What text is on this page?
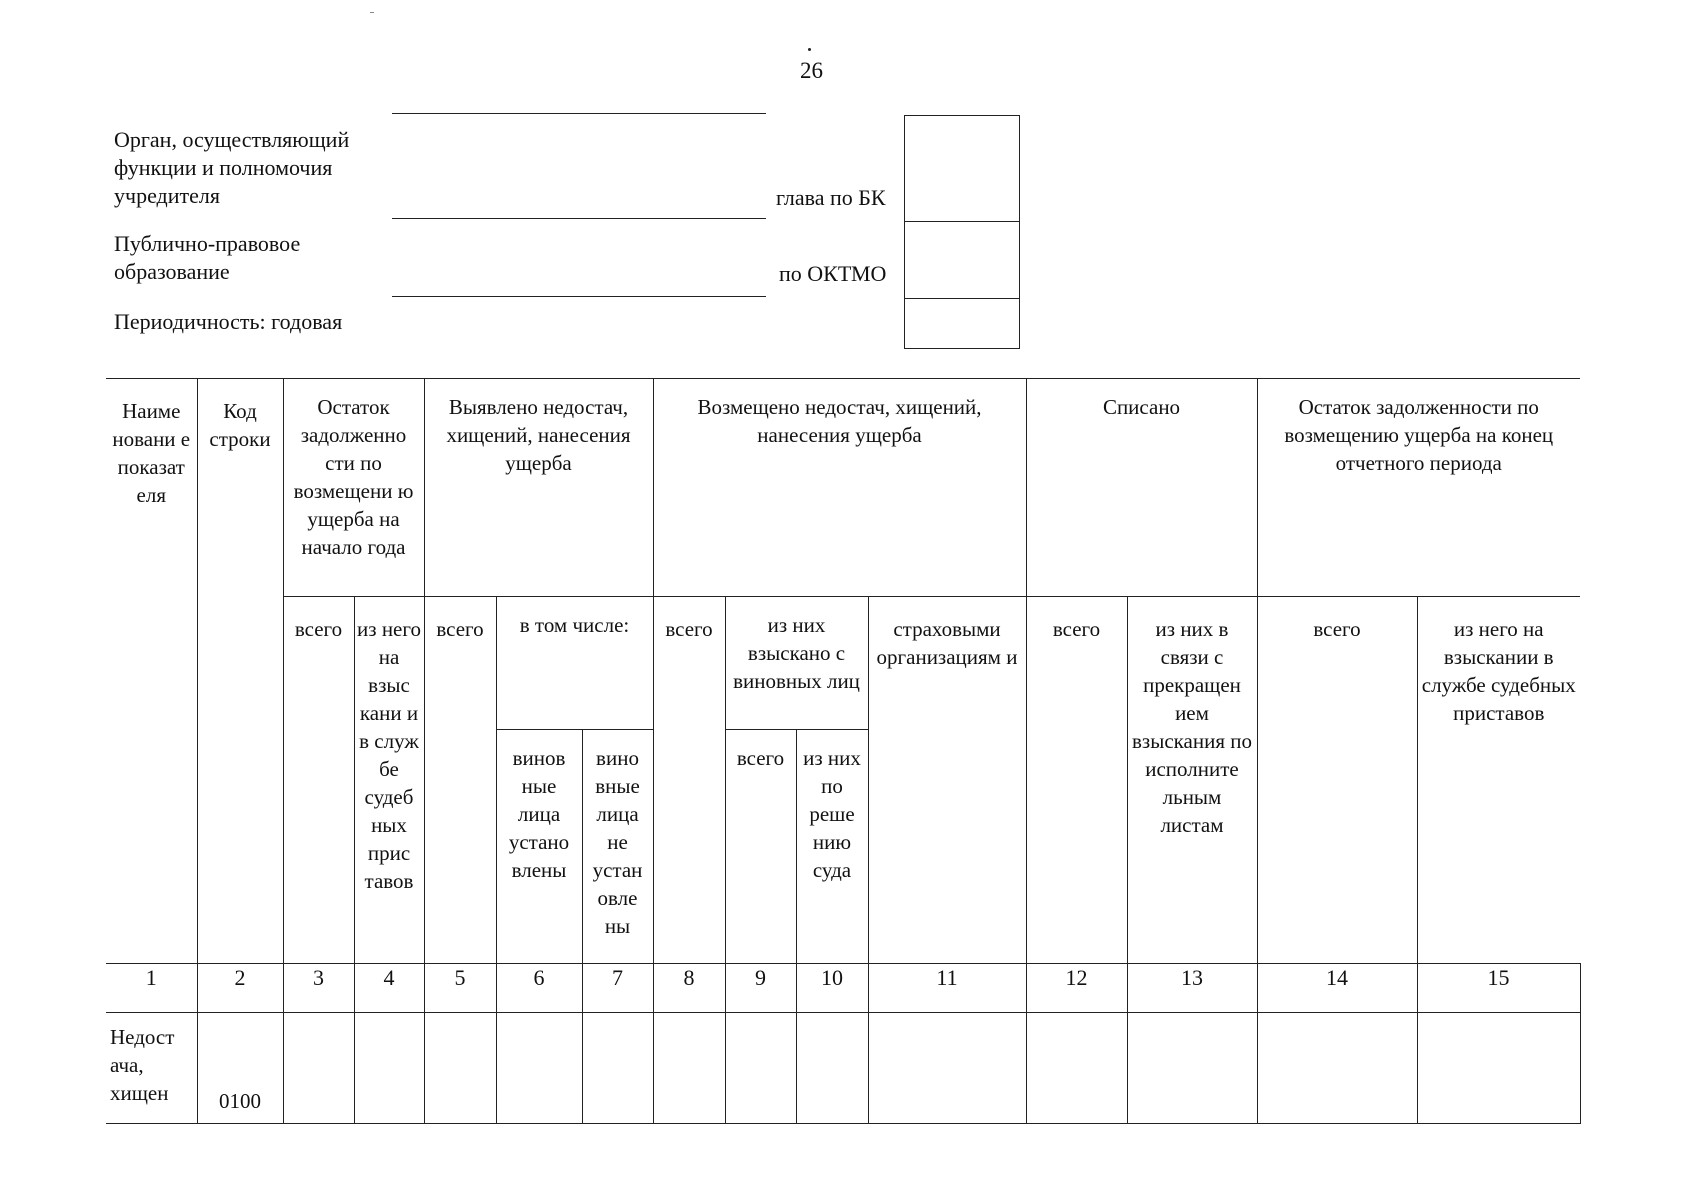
26
Орган, осуществляющий функции и полномочия учредителя
Публично-правовое образование
Периодичность: годовая
глава по БК
по ОКТМО
Наиме новани е показат еля	Код строки	Остаток задолженно сти по возмещени ю ущерба на начало года		Выявлено недостач, хищений, нанесения ущерба			Возмещено недостач, хищений, нанесения ущерба				Списано		Остаток задолженности по возмещению ущерба на конец отчетного периода	
		всего	из него на взыс кани и в служ бе судеб ных прис тавов	всего	в том числе:		всего	из них взыскано с виновных лиц		страховыми организациям и	всего	из них в связи с прекращен ием взыскания по исполните льным листам	всего	из него на взыскании в службе судебных приставов
					винов ные лица устано влены	вино вные лица не устан овле ны		всего	из них по реше нию суда					

1	2	3	4	5	6	7	8	9	10	11	12	13	14	15
Недост ача, хищен	0100													
